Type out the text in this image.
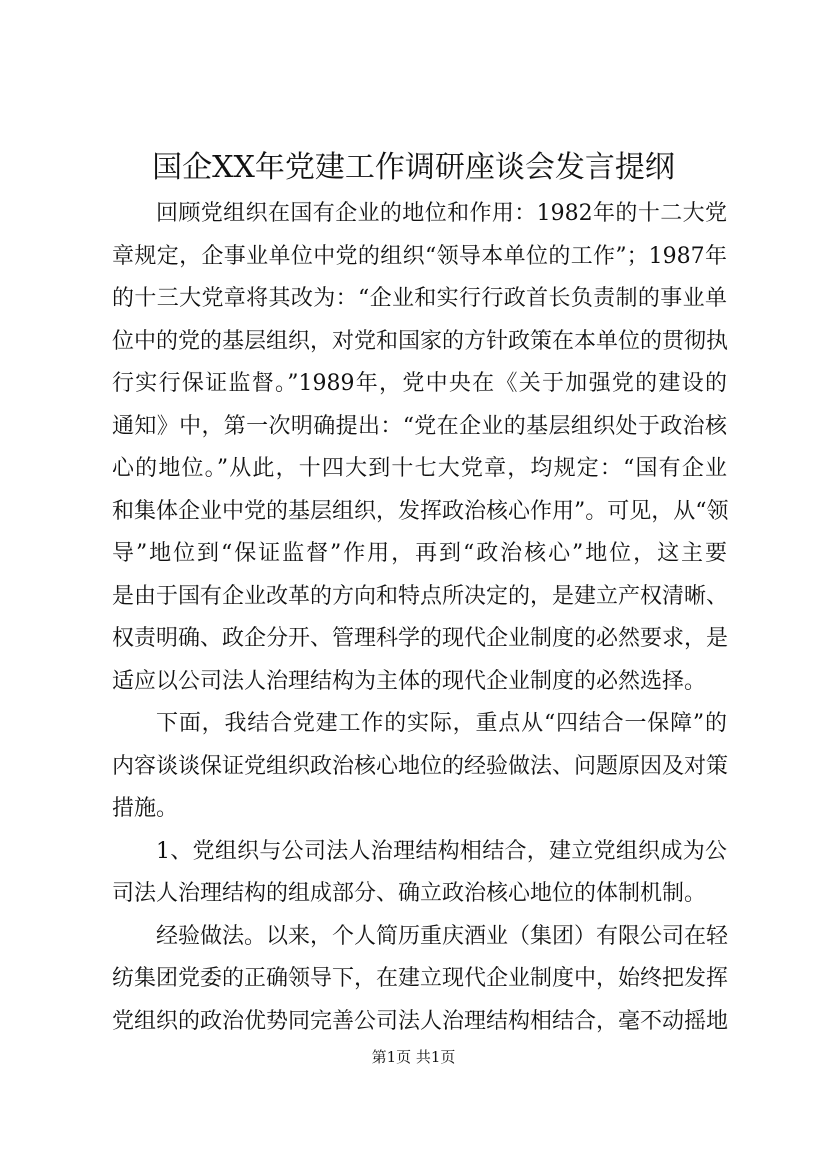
国企XX年党建工作调研座谈会发言提纲
回顾党组织在国有企业的地位和作用：1982年的十二大党
章规定，企事业单位中党的组织“领导本单位的工作”；1987年
的十三大党章将其改为：“企业和实行行政首长负责制的事业单
位中的党的基层组织，对党和国家的方针政策在本单位的贯彻执
行实行保证监督。”1989年，党中央在《关于加强党的建设的
通知》中，第一次明确提出：“党在企业的基层组织处于政治核
心的地位。”从此，十四大到十七大党章，均规定：“国有企业
和集体企业中党的基层组织，发挥政治核心作用”。可见，从“领
导”地位到“保证监督”作用，再到“政治核心”地位，这主要
是由于国有企业改革的方向和特点所决定的，是建立产权清晰、
权责明确、政企分开、管理科学的现代企业制度的必然要求，是
适应以公司法人治理结构为主体的现代企业制度的必然选择。
下面，我结合党建工作的实际，重点从“四结合一保障”的
内容谈谈保证党组织政治核心地位的经验做法、问题原因及对策
措施。
1、党组织与公司法人治理结构相结合，建立党组织成为公
司法人治理结构的组成部分、确立政治核心地位的体制机制。
经验做法。以来，个人简历重庆酒业（集团）有限公司在轻
纺集团党委的正确领导下，在建立现代企业制度中，始终把发挥
党组织的政治优势同完善公司法人治理结构相结合，毫不动摇地
第1页 共1页
